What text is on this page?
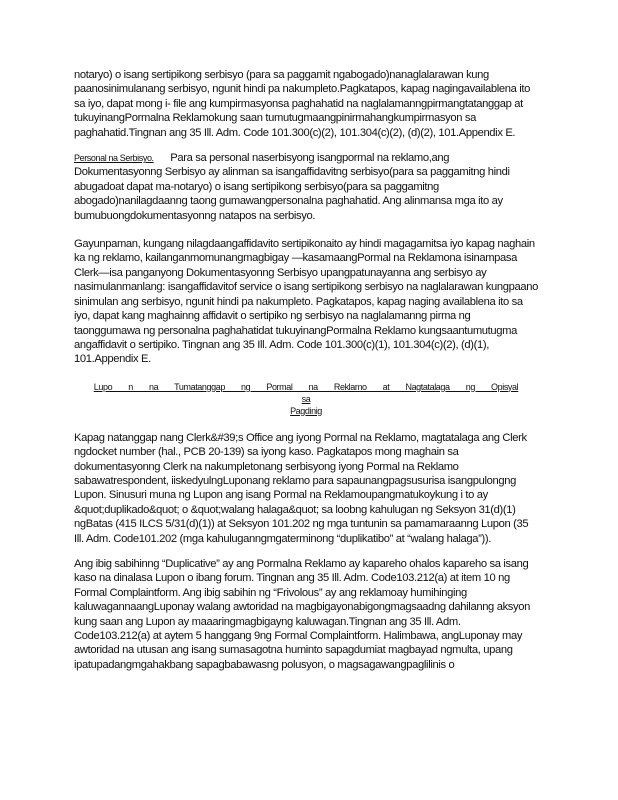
notaryo) o isang sertipikong serbisyo (para sa paggamit ngabogado)nanaglalarawan kung paanosinimulanang serbisyo, ngunit hindi pa nakumpleto.Pagkatapos, kapag nagingavailablena ito sa iyo, dapat mong i- file ang kumpirmasyonsa paghahatid na naglalamanngpirmangtatanggap at tukuyinangPormalna Reklamokung saan tumutugmaangpinirmahangkumpirmasyon sa paghahatid.Tingnan ang 35 Ill. Adm. Code 101.300(c)(2), 101.304(c)(2), (d)(2), 101.Appendix E.

Personal na Serbisyo. Para sa personal naserbisyong isangpormal na reklamo,ang Dokumentasyonng Serbisyo ay alinman sa isangaffidavitng serbisyo(para sa paggamitng hindi abugadoat dapat ma-notaryo) o isang sertipikong serbisyo(para sa paggamitng abogado)nanilagdaanng taong gumawangpersonalna paghahatid. Ang alinmansa mga ito ay bumubuongdokumentasyonng natapos na serbisyo.

Gayunpaman, kungang nilagdaangaffidavito sertipikonaito ay hindi magagamitsa iyo kapag naghain ka ng reklamo, kailanganmomunangmagbigay —kasamaangPormal na Reklamona isinampasa Clerk—isa panganyong Dokumentasyonng Serbisyo upangpatunayanna ang serbisyo ay nasimulanmanlang: isangaffidavitof service o isang sertipikong serbisyo na naglalarawan kungpaano sinimulan ang serbisyo, ngunit hindi pa nakumpleto. Pagkatapos, kapag naging availablena ito sa iyo, dapat kang maghainng affidavit o sertipiko ng serbisyo na naglalamanng pirma ng taonggumawa ng personalna paghahatidat tukuyinangPormalna Reklamo kungsaantumutugma angaffidavit o sertipiko. Tingnan ang 35 Ill. Adm. Code 101.300(c)(1), 101.304(c)(2), (d)(1), 101.Appendix E.

Lupo n na Tumatanggap ng Pormal na Reklamo at Nagtatalaga ng Opisyal sa
Pagdinig

Kapag natanggap nang Clerk&#39;s Office ang iyong Pormal na Reklamo, magtatalaga ang Clerk ngdocket number (hal., PCB 20-139) sa iyong kaso. Pagkatapos mong maghain sa dokumentasyonng Clerk na nakumpletonang serbisyong iyong Pormal na Reklamo sabawatrespondent, iiskedyulngLuponang reklamo para sapaunangpagsusurisa isangpulongng Lupon. Sinusuri muna ng Lupon ang isang Pormal na Reklamoupangmatukoykung i to ay &quot;duplikado&quot; o &quot;walang halaga&quot; sa loobng kahulugan ng Seksyon 31(d)(1) ngBatas (415 ILCS 5/31(d)(1)) at Seksyon 101.202 ng mga tuntunin sa pamamaraanng Lupon (35 Ill. Adm. Code101.202 (mga kahuluganngmgaterminong “duplikatibo” at “walang halaga”)).

Ang ibig sabihinng “Duplicative” ay ang Pormalna Reklamo ay kapareho ohalos kapareho sa isang kaso na dinalasa Lupon o ibang forum. Tingnan ang 35 Ill. Adm. Code103.212(a) at item 10 ng Formal Complaintform. Ang ibig sabihin ng “Frivolous” ay ang reklamoay humihinging kaluwagannaangLuponay walang awtoridad na magbigayonabigongmagsaadng dahilanng aksyon kung saan ang Lupon ay maaaringmagbigayng kaluwagan.Tingnan ang 35 Ill. Adm. Code103.212(a) at aytem 5 hanggang 9ng Formal Complaintform. Halimbawa, angLuponay may awtoridad na utusan ang isang sumasagotna huminto sapagdumiat magbayad ngmulta, upang ipatupadangmgahakbang sapagbabawasng polusyon, o magsagawangpaglilinis o
